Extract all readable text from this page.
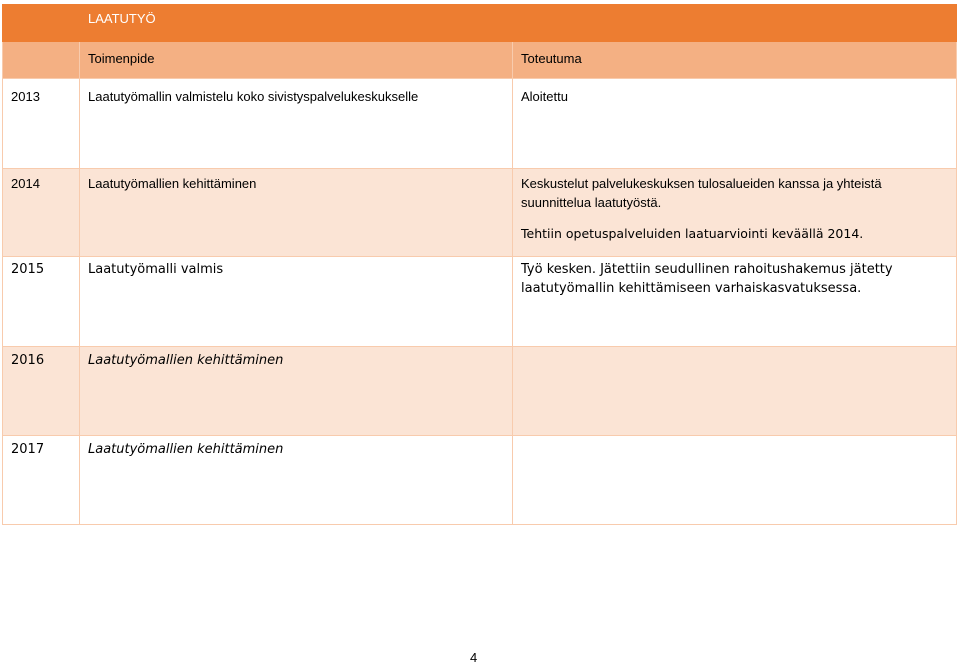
	LAATUTYÖ	
	Toimenpide	Toteutuma
2013	Laatutyömallin valmistelu koko sivistyspalvelukeskukselle	Aloitettu

2014	Laatutyömallien kehittäminen	Keskustelut palvelukeskuksen tulosalueiden kanssa ja yhteistä suunnittelua laatutyöstä.
Tehtiin opetuspalveluiden laatuarviointi keväällä 2014.

2015	Laatutyömalli valmis	Työ kesken. Jätettiin seudullinen rahoitushakemus jätetty laatutyömallin kehittämiseen varhaiskasvatuksessa.

2016	Laatutyömallien kehittäminen	
2017	Laatutyömallien kehittäminen	
4
